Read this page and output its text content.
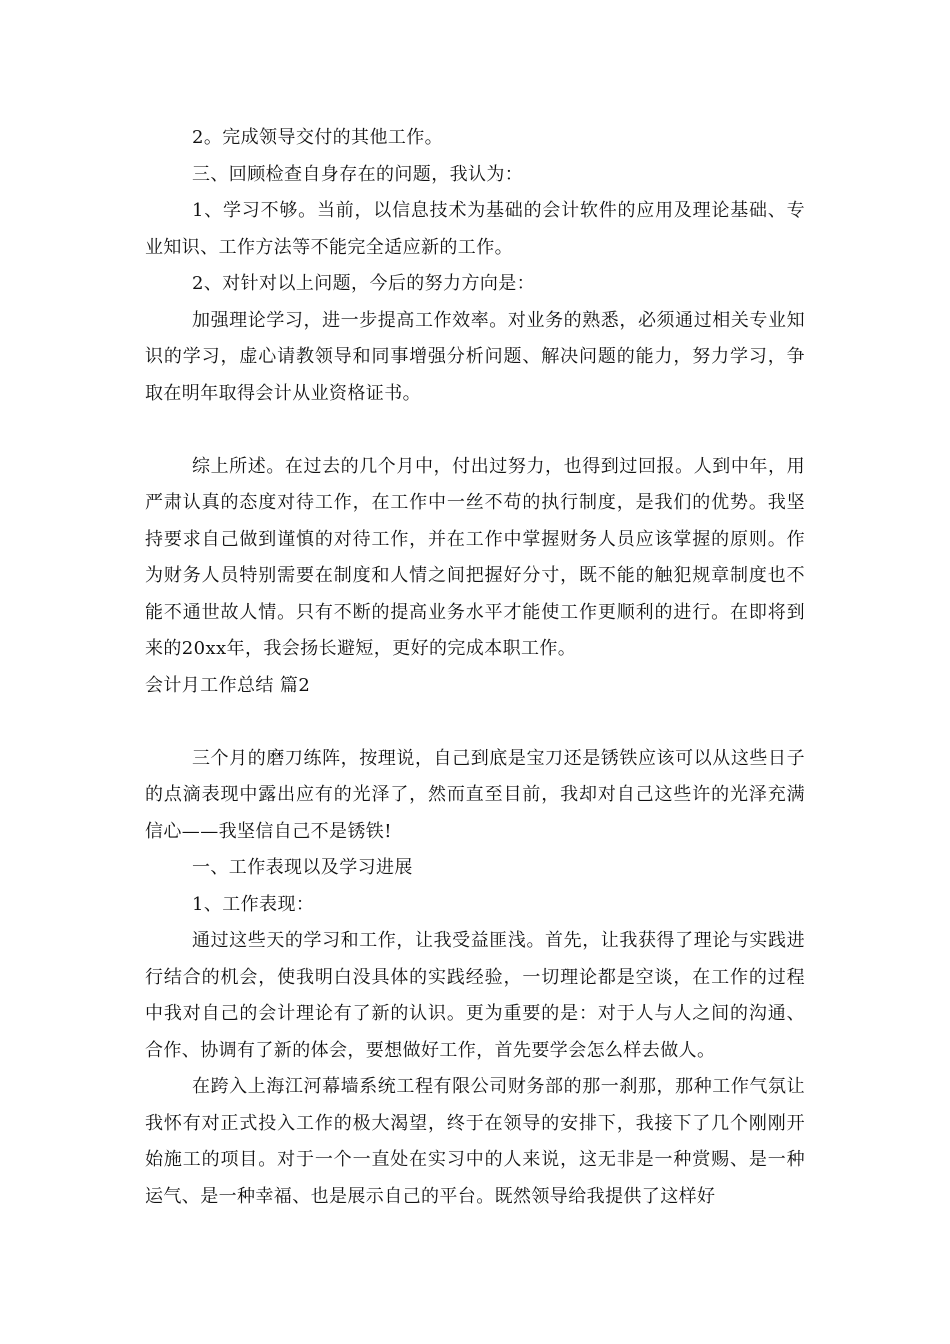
2。完成领导交付的其他工作。

三、回顾检查自身存在的问题，我认为：

1、学习不够。当前，以信息技术为基础的会计软件的应用及理论基础、专业知识、工作方法等不能完全适应新的工作。

2、对针对以上问题，今后的努力方向是：

加强理论学习，进一步提高工作效率。对业务的熟悉，必须通过相关专业知识的学习，虚心请教领导和同事增强分析问题、解决问题的能力，努力学习，争取在明年取得会计从业资格证书。

综上所述。在过去的几个月中，付出过努力，也得到过回报。人到中年，用严肃认真的态度对待工作，在工作中一丝不苟的执行制度，是我们的优势。我坚持要求自己做到谨慎的对待工作，并在工作中掌握财务人员应该掌握的原则。作为财务人员特别需要在制度和人情之间把握好分寸，既不能的触犯规章制度也不能不通世故人情。只有不断的提高业务水平才能使工作更顺利的进行。在即将到来的20xx年，我会扬长避短，更好的完成本职工作。

会计月工作总结 篇2

三个月的磨刀练阵，按理说，自己到底是宝刀还是锈铁应该可以从这些日子的点滴表现中露出应有的光泽了，然而直至目前，我却对自己这些许的光泽充满信心——我坚信自己不是锈铁!

一、工作表现以及学习进展

1、工作表现：

通过这些天的学习和工作，让我受益匪浅。首先，让我获得了理论与实践进行结合的机会，使我明白没具体的实践经验，一切理论都是空谈，在工作的过程中我对自己的会计理论有了新的认识。更为重要的是：对于人与人之间的沟通、合作、协调有了新的体会，要想做好工作，首先要学会怎么样去做人。

在跨入上海江河幕墙系统工程有限公司财务部的那一刹那，那种工作气氛让我怀有对正式投入工作的极大渴望，终于在领导的安排下，我接下了几个刚刚开始施工的项目。对于一个一直处在实习中的人来说，这无非是一种赏赐、是一种运气、是一种幸福、也是展示自己的平台。既然领导给我提供了这样好
